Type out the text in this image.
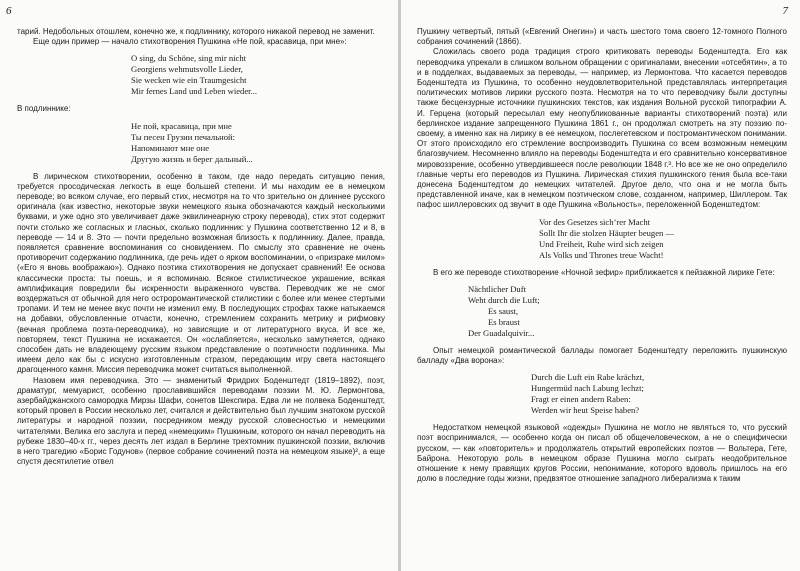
6

тарий. Недобольных отошлем, конечно же, к подлиннику, которого никакой перевод не заменит.

Еще один пример — начало стихотворения Пушкина «Не пой, красавица, при мне»:

O sing, du Schöne, sing mir nicht
Georgiens wehmutsvolle Lieder,
Sie wecken wie ein Traumgesicht
Mir fernes Land und Leben wieder...

В подлиннике:

Не пой, красавица, при мне
Ты песен Грузии печальной:
Напоминают мне оне
Другую жизнь и берег дальный...

В лирическом стихотворении, особенно в таком, где надо передать ситуацию пения, требуется просодическая легкость в еще большей степени. И мы находим ее в немецком переводе; во всяком случае, его первый стих, несмотря на то что зрительно он длиннее русского оригинала (как известно, некоторые звуки немецкого языка обозначаются каждый несколькими буквами, и уже одно это увеличивает даже эквилинеарную строку перевода), стих этот содержит почти столько же согласных и гласных, сколько подлинник: у Пушкина соответственно 12 и 8, в переводе — 14 и 8. Это — почти предельно возможная близость к подлиннику. Далее, правда, появляется сравнение воспоминания со сновидением. По смыслу это сравнение не очень противоречит содержанию подлинника, где речь идет о ярком воспоминании, о «призраке милом» («Его я вновь воображаю»). Однако поэтика стихотворения не допускает сравнений! Ее основа классически проста: ты поешь, и я вспоминаю. Всякое стилистическое украшение, всякая амплификация повредили бы искренности выраженного чувства. Переводчик же не смог воздержаться от обычной для него остроромантической стилистики с более или менее стертыми тропами. И тем не менее вкус почти не изменил ему. В последующих строфах также натыкаемся на добавки, обусловленные отчасти, конечно, стремлением сохранить метрику и рифмовку (вечная проблема поэта-переводчика), но зависящие и от литературного вкуса. И все же, повторяем, текст Пушкина не искажается. Он «ослабляется», несколько замутняется, однако способен дать не владеющему русским языком представление о поэтичности подлинника. Мы имеем дело как бы с искусно изготовленным стразом, передающим игру света настоящего драгоценного камня. Миссия переводчика может считаться выполненной.

Назовем имя переводчика. Это — знаменитый Фридрих Боденштедт (1819–1892), поэт, драматург, мемуарист, особенно прославившийся переводами поэзии М. Ю. Лермонтова, азербайджанского самородка Мирзы Шафи, сонетов Шекспира. Едва ли не полвека Боденштедт, который провел в России несколько лет, считался и действительно был лучшим знатоком русской литературы и народной поэзии, посредником между русской словесностью и немецкими читателями. Велика его заслуга и перед «немецким» Пушкиным, которого он начал переводить на рубеже 1830–40-х гг., через десять лет издал в Берлине трехтомник пушкинской поэзии, включив в него трагедию «Борис Годунов» (первое собрание сочинений поэта на немецком языке)², а еще спустя десятилетие отвел

7

Пушкину четвертый, пятый («Евгений Онегин») и часть шестого тома своего 12-томного Полного собрания сочинений (1866).

Сложилась своего рода традиция строго критиковать переводы Боденштедта. Его как переводчика упрекали в слишком вольном обращении с оригиналами, внесении «отсебятин», а то и в подделках, выдаваемых за переводы, — например, из Лермонтова. Что касается переводов Боденштедта из Пушкина, то особенно неудовлетворительной представлялась интерпретация политических мотивов лирики русского поэта. Несмотря на то что переводчику были доступны также бесцензурные источники пушкинских текстов, как издания Вольной русской типографии А. И. Герцена (который пересылал ему неопубликованные варианты стихотворений поэта) или берлинское издание запрещенного Пушкина 1861 г., он продолжал смотреть на эту поэзию по-своему, а именно как на лирику в ее немецком, послегетевском и постромантическом понимании. От этого происходило его стремление воспроизводить Пушкина со всем возможным немецким благозвучием. Несомненно влияло на переводы Боденштедта и его сравнительно консервативное мировоззрение, особенно утвердившееся после революции 1848 г.³. Но все же не оно определило главные черты его переводов из Пушкина. Лирическая стихия пушкинского гения была все-таки донесена Боденштедтом до немецких читателей. Другое дело, что она и не могла быть представленной иначе, как в немецком поэтическом слове, созданном, например, Шиллером. Так пафос шиллеровских од звучит в оде Пушкина «Вольность», переложенной Боденштедтом:

Vor des Gesetzes sich’rer Macht
Sollt Ihr die stolzen Häupter beugen —
Und Freiheit, Ruhe wird sich zeigen
Als Volks und Thrones treue Wacht!

В его же переводе стихотворение «Ночной зефир» приближается к пейзажной лирике Гете:

Nächtlicher Duft
Weht durch die Luft;
Es saust,
Es braust
Der Guadalquivir...

Опыт немецкой романтической баллады помогает Боденштедту переложить пушкинскую балладу «Два ворона»:

Durch die Luft ein Rabe krächzt,
Hungermüd nach Labung lechzt;
Fragt er einen andern Raben:
Werden wir heut Speise haben?

Недостатком немецкой языковой «одежды» Пушкина не могло не являться то, что русский поэт воспринимался, — особенно когда он писал об общечеловеческом, а не о специфически русском, — как «повторитель» и продолжатель открытий европейских поэтов — Вольтера, Гете, Байрона. Некоторую роль в немецком образе Пушкина могло сыграть неодобрительное отношение к нему правящих кругов России, непонимание, которого вдоволь пришлось на его долю в последние годы жизни, предвзятое отношение западного либерализма к таким
